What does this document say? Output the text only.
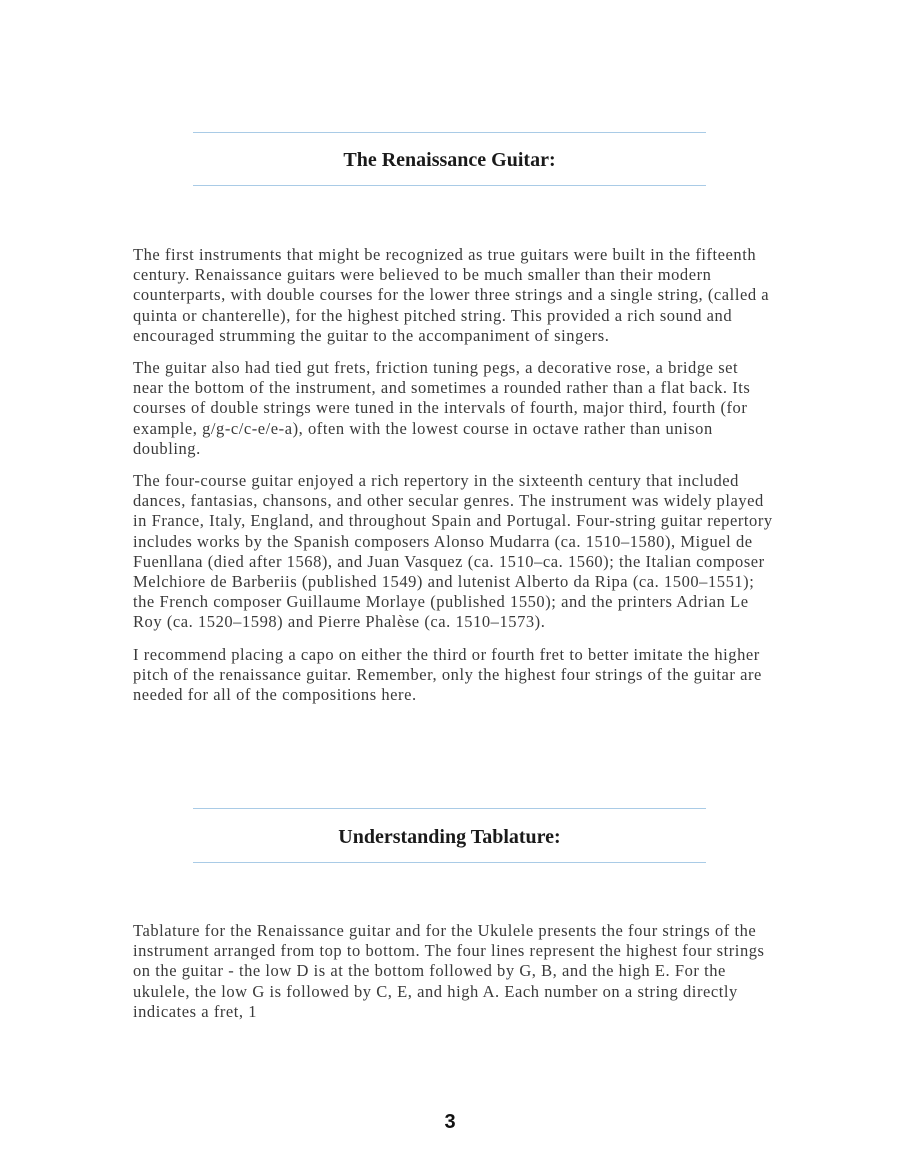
The Renaissance Guitar:

The first instruments that might be recognized as true guitars were built in the fifteenth century. Renaissance guitars were believed to be much smaller than their modern counterparts, with double courses for the lower three strings and a single string, (called a quinta or chanterelle), for the highest pitched string. This provided a rich sound and encouraged strumming the guitar to the accompaniment of singers.

The guitar also had tied gut frets, friction tuning pegs, a decorative rose, a bridge set near the bottom of the instrument, and sometimes a rounded rather than a flat back. Its courses of double strings were tuned in the intervals of fourth, major third, fourth (for example, g/g-c/c-e/e-a), often with the lowest course in octave rather than unison doubling.

The four-course guitar enjoyed a rich repertory in the sixteenth century that included dances, fantasias, chansons, and other secular genres. The instrument was widely played in France, Italy, England, and throughout Spain and Portugal. Four-string guitar repertory includes works by the Spanish composers Alonso Mudarra (ca. 1510–1580), Miguel de Fuenllana (died after 1568), and Juan Vasquez (ca. 1510–ca. 1560); the Italian composer Melchiore de Barberiis (published 1549) and lutenist Alberto da Ripa (ca. 1500–1551); the French composer Guillaume Morlaye (published 1550); and the printers Adrian Le Roy (ca. 1520–1598) and Pierre Phalèse (ca. 1510–1573).

I recommend placing a capo on either the third or fourth fret to better imitate the higher pitch of the renaissance guitar. Remember, only the highest four strings of the guitar are needed for all of the compositions here.

Understanding Tablature:

Tablature for the Renaissance guitar and for the Ukulele presents the four strings of the instrument arranged from top to bottom. The four lines represent the highest four strings on the guitar - the low D is at the bottom followed by G, B, and the high E. For the ukulele, the low G is followed by C, E, and high A. Each number on a string directly indicates a fret, 1

3
